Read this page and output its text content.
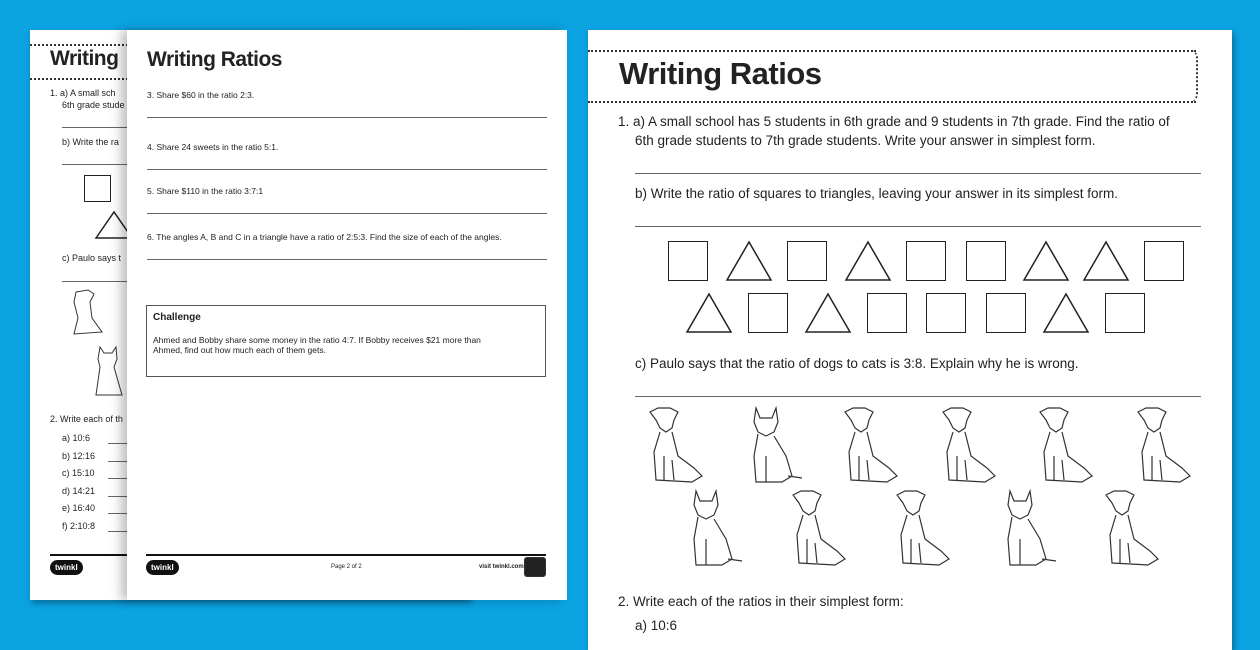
Writing
1. a) A small sch
6th grade stude
b) Write the ra
c) Paulo says t
2. Write each of th
a) 10:6
b) 12:16
c) 15:10
d) 14:21
e) 16:40
f) 2:10:8
twinkl
Writing Ratios
3. Share $60 in the ratio 2:3.
4. Share 24 sweets in the ratio 5:1.
5. Share $110 in the ratio 3:7:1
6. The angles A, B and C in a triangle have a ratio of 2:5:3. Find the size of each of the angles.
Challenge
Ahmed and Bobby share some money in the ratio 4:7. If Bobby receives $21 more than
Ahmed, find out how much each of them gets.
twinkl	Page 2 of 2	visit twinkl.com
Writing Ratios
1. a) A small school has 5 students in 6th grade and 9 students in 7th grade. Find the ratio of
6th grade students to 7th grade students. Write your answer in simplest form.
b) Write the ratio of squares to triangles, leaving your answer in its simplest form.
c) Paulo says that the ratio of dogs to cats is 3:8. Explain why he is wrong.
2. Write each of the ratios in their simplest form:
a) 10:6
